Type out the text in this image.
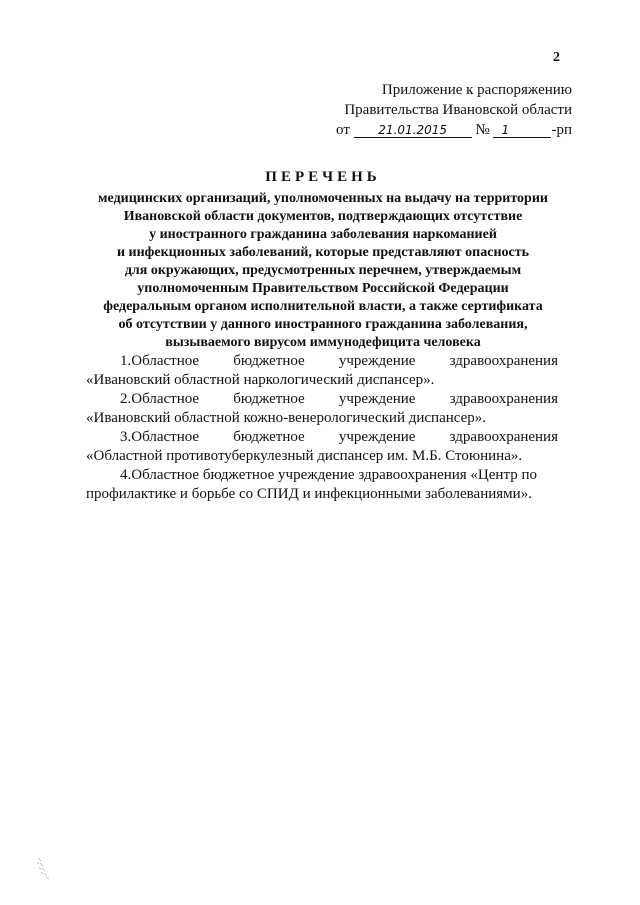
2
Приложение к распоряжению
Правительства Ивановской области
от 21.01.2015 № 1	-рп
ПЕРЕЧЕНЬ
медицинских организаций, уполномоченных на выдачу на территории
Ивановской области документов, подтверждающих отсутствие
у иностранного гражданина заболевания наркоманией
и инфекционных заболеваний, которые представляют опасность
для окружающих, предусмотренных перечнем, утверждаемым
уполномоченным Правительством Российской Федерации
федеральным органом исполнительной власти, а также сертификата
об отсутствии у данного иностранного гражданина заболевания,
вызываемого вирусом иммунодефицита человека
1.Областное бюджетное учреждение здравоохранения
«Ивановский областной наркологический диспансер».
2.Областное бюджетное учреждение здравоохранения
«Ивановский областной кожно-венерологический диспансер».
3.Областное бюджетное учреждение здравоохранения
«Областной противотуберкулезный диспансер им. М.Б. Стоюнина».
4.Областное бюджетное учреждение здравоохранения «Центр по
профилактике и борьбе со СПИД и инфекционными заболеваниями».
